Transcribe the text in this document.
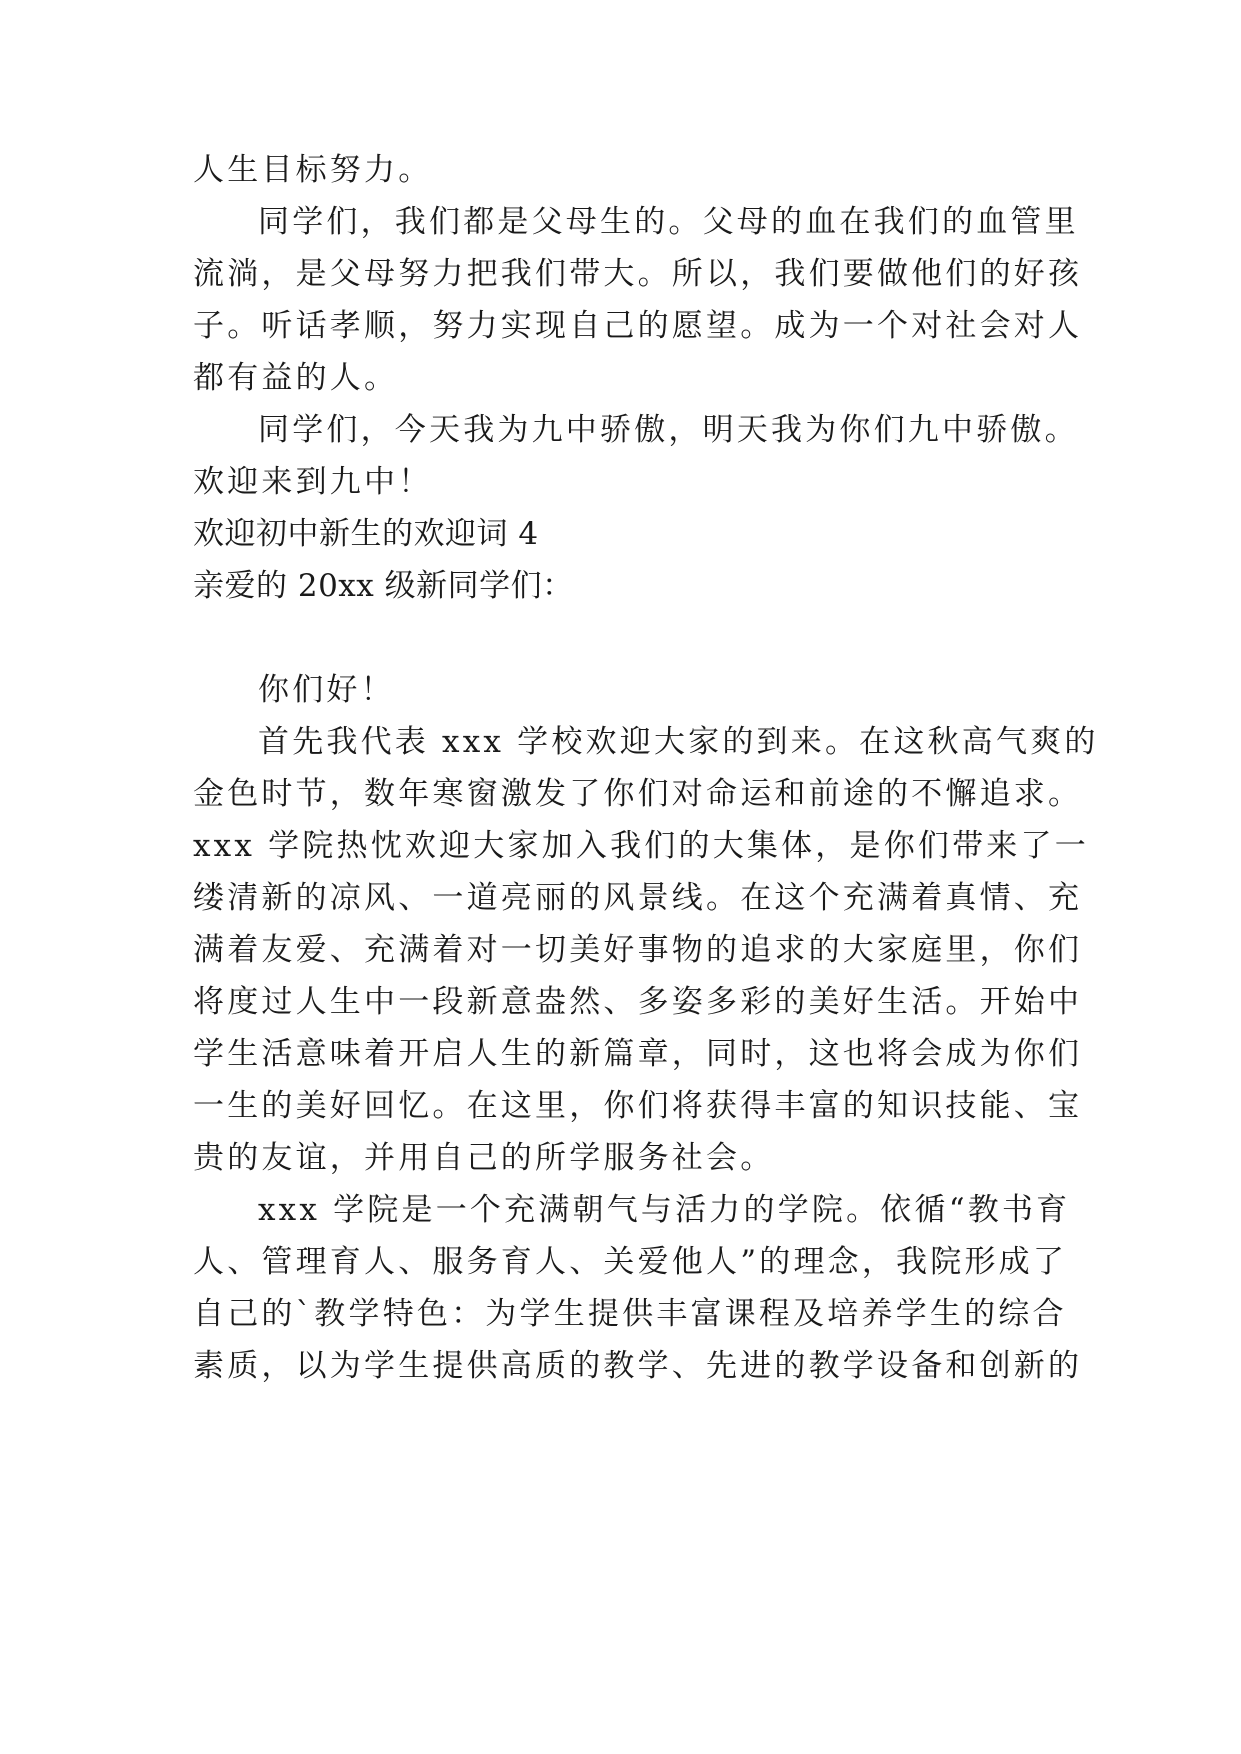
人生目标努力。
同学们，我们都是父母生的。父母的血在我们的血管里
流淌，是父母努力把我们带大。所以，我们要做他们的好孩
子。听话孝顺，努力实现自己的愿望。成为一个对社会对人
都有益的人。
同学们，今天我为九中骄傲，明天我为你们九中骄傲。
欢迎来到九中！
欢迎初中新生的欢迎词 4
亲爱的 20xx 级新同学们：
你们好！
首先我代表 xxx 学校欢迎大家的到来。在这秋高气爽的
金色时节，数年寒窗激发了你们对命运和前途的不懈追求。
xxx 学院热忱欢迎大家加入我们的大集体，是你们带来了一
缕清新的凉风、一道亮丽的风景线。在这个充满着真情、充
满着友爱、充满着对一切美好事物的追求的大家庭里，你们
将度过人生中一段新意盎然、多姿多彩的美好生活。开始中
学生活意味着开启人生的新篇章，同时，这也将会成为你们
一生的美好回忆。在这里，你们将获得丰富的知识技能、宝
贵的友谊，并用自己的所学服务社会。
xxx 学院是一个充满朝气与活力的学院。依循“教书育
人、管理育人、服务育人、关爱他人”的理念，我院形成了
自己的`教学特色：为学生提供丰富课程及培养学生的综合
素质，以为学生提供高质的教学、先进的教学设备和创新的
